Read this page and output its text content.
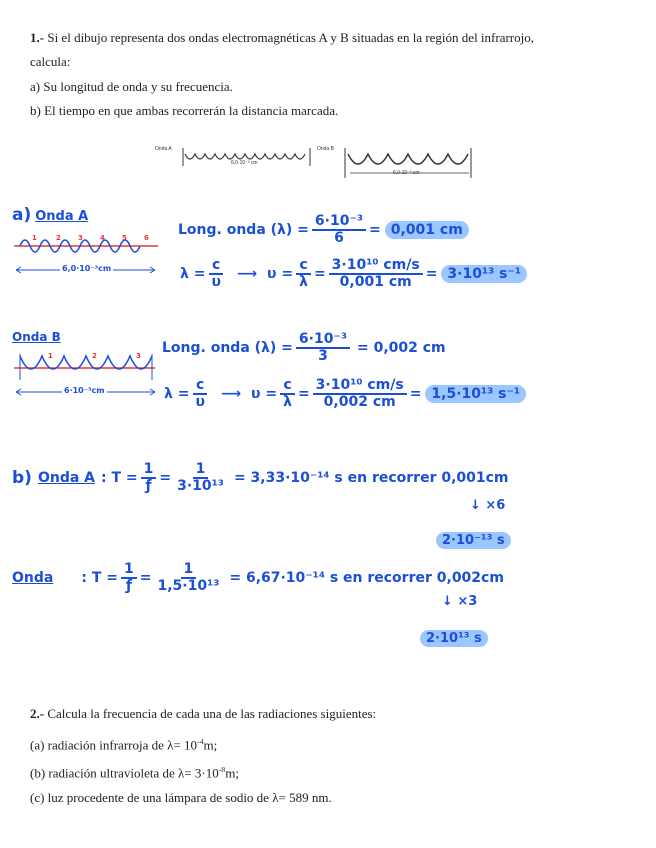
1.- Si el dibujo representa dos ondas electromagnéticas A y B situadas en la región del infrarrojo,
calcula:
a) Su longitud de onda y su frecuencia.
b) El tiempo en que ambas recorrerán la distancia marcada.
Onda A
6,0·10⁻³ cm
Onda B
6,0·10⁻³ cm
a) Onda A
1	2 3 4 5 6
6,0·10⁻³cm
Long. onda $(\lambda) = \frac{\text{6·10⁻³}}{6} = 0,001$ cm
$\lambda = \frac{c}{\upsilon}$ ⟶ $\upsilon = \frac{c}{\lambda} = \frac{\text{3·10¹⁰ cm/s}}{0,001 cm} = 3\cdot 10^{13}$ s⁻¹
Onda B
1	2	3
6·10⁻³cm
Long. onda $(\lambda) = \frac{\text{6·10⁻³}}{3} = 0,002$ cm
$\lambda = \frac{c}{\upsilon}$ ⟶ $\upsilon = \frac{c}{\lambda} = \frac{\text{3·10¹⁰ cm/s}}{0,002 cm} = 1,5\cdot 10^{13}$ s⁻¹
b) Onda A : $T = \frac{1}{ƒ} = \frac{1}{\text{3·10¹³}} = 3,33\cdot 10^{-14}$ s en recorrer 0,001cm
↓ ×6
2·10⁻¹³ s
Onda : $T = \frac{1}{ƒ} = \frac{1}{\text{1,5·10¹³}} = 6,67\cdot 10^{-14}$ s en recorrer 0,002cm
↓ ×3
2·10¹³ s
2.- Calcula la frecuencia de cada una de las radiaciones siguientes:
(a) radiación infrarroja de $\lambda= 10^{-4}m$;
(b) radiación ultravioleta de $\lambda= 3\cdot 10^{-8}m$;
(c) luz procedente de una lámpara de sodio de λ= 589 nm.
